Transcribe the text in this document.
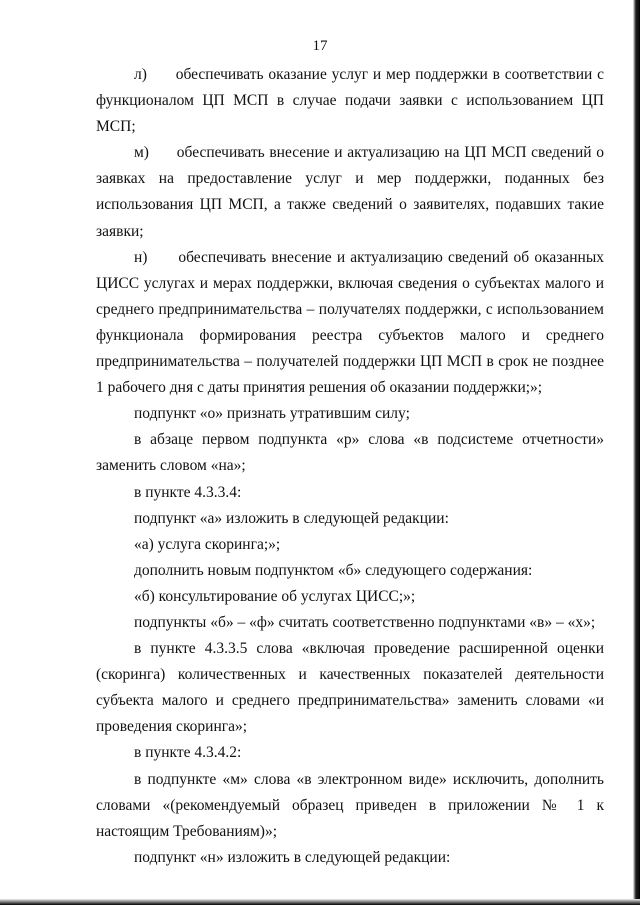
17

л)      обеспечивать оказание услуг и мер поддержки в соответствии с функционалом ЦП МСП в случае подачи заявки с использованием ЦП МСП;

м)      обеспечивать внесение и актуализацию на ЦП МСП сведений о заявках на предоставление услуг и мер поддержки, поданных без использования ЦП МСП, а также сведений о заявителях, подавших такие заявки;

н)      обеспечивать внесение и актуализацию сведений об оказанных ЦИСС услугах и мерах поддержки, включая сведения о субъектах малого и среднего предпринимательства – получателях поддержки, с использованием функционала формирования реестра субъектов малого и среднего предпринимательства – получателей поддержки ЦП МСП в срок не позднее 1 рабочего дня с даты принятия решения об оказании поддержки;»;

подпункт «о» признать утратившим силу;

в абзаце первом подпункта «р» слова «в подсистеме отчетности» заменить словом «на»;

в пункте 4.3.3.4:

подпункт «а» изложить в следующей редакции:

«а) услуга скоринга;»;

дополнить новым подпунктом «б» следующего содержания:

«б) консультирование об услугах ЦИСС;»;

подпункты «б» – «ф» считать соответственно подпунктами «в» – «х»;

в пункте 4.3.3.5 слова «включая проведение расширенной оценки (скоринга) количественных и качественных показателей деятельности субъекта малого и среднего предпринимательства» заменить словами «и проведения скоринга»;

в пункте 4.3.4.2:

в подпункте «м» слова «в электронном виде» исключить, дополнить словами «(рекомендуемый образец приведен в приложении № 1 к настоящим Требованиям)»;

подпункт «н» изложить в следующей редакции:
